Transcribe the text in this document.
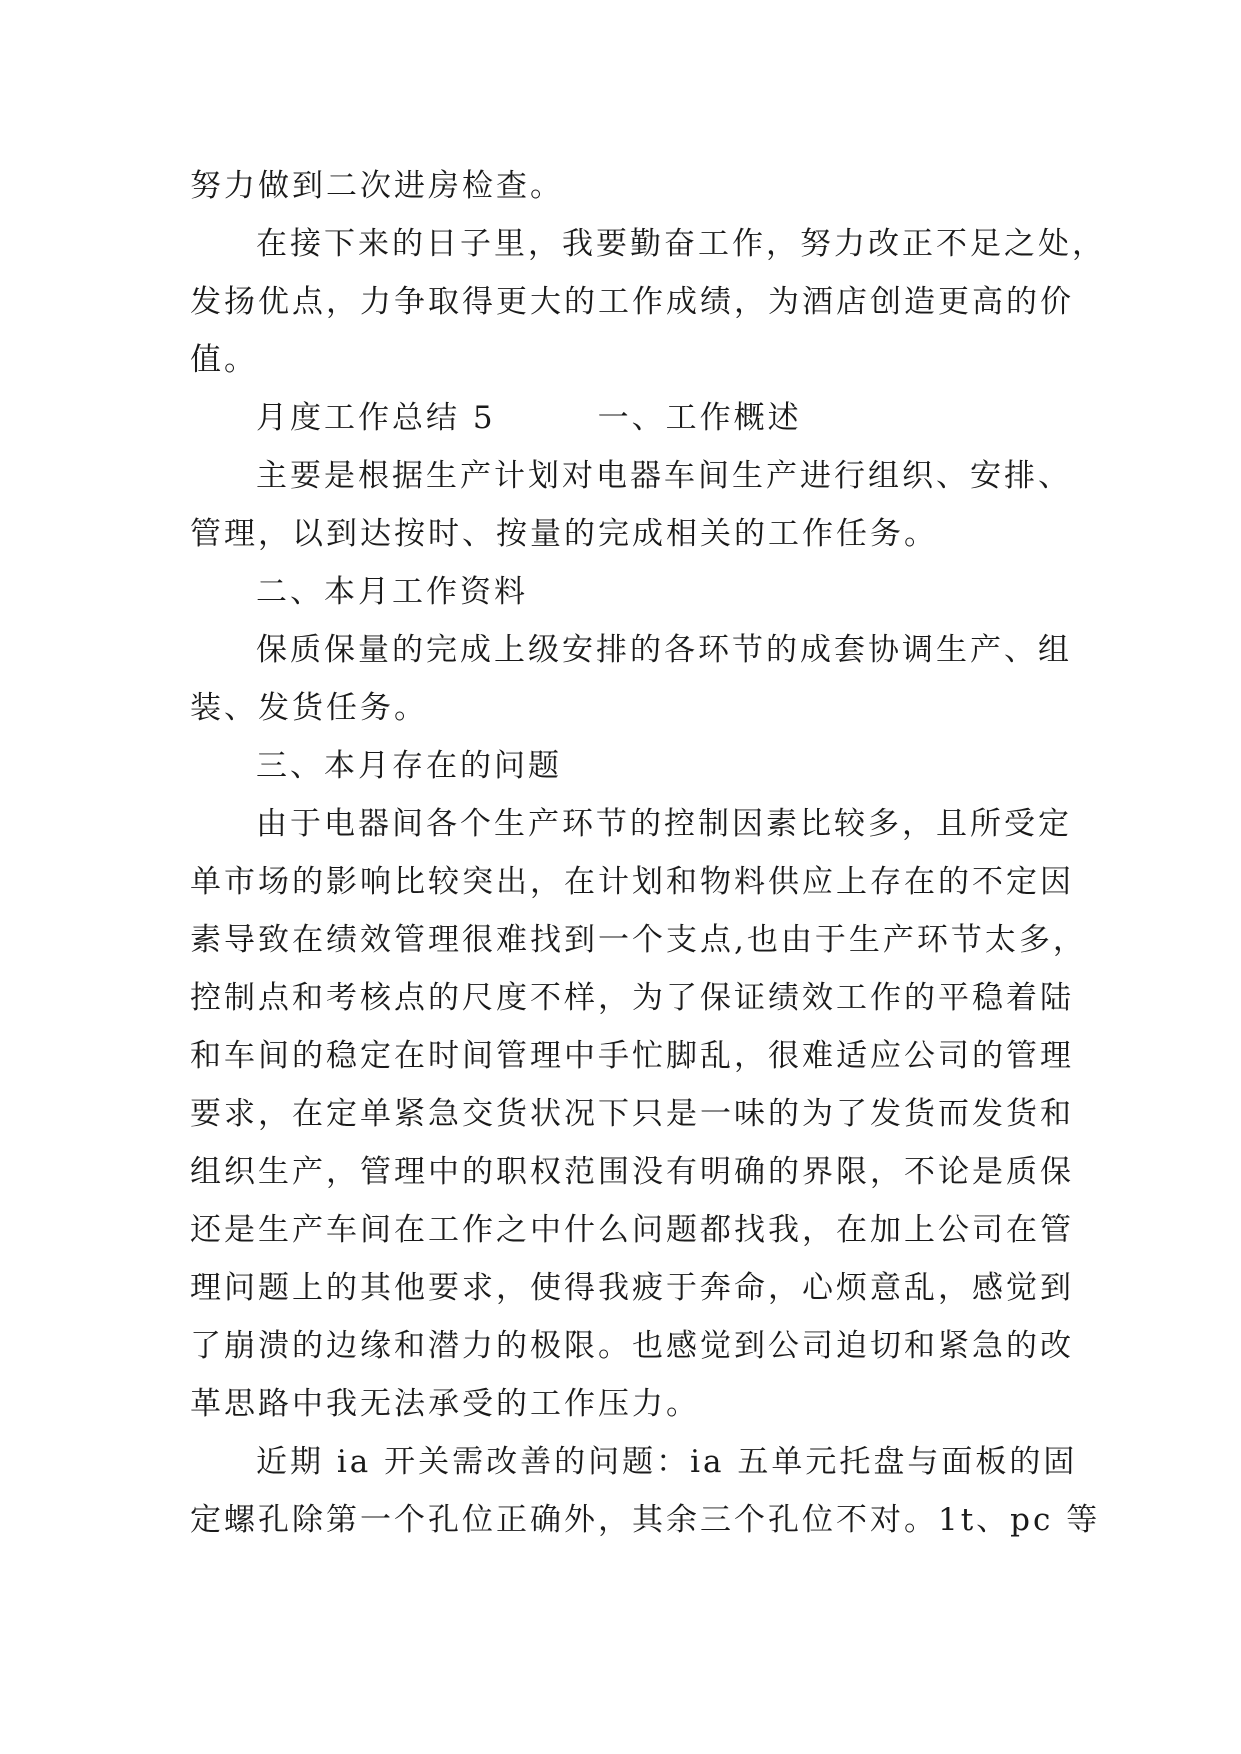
努力做到二次进房检查。
在接下来的日子里，我要勤奋工作，努力改正不足之处，
发扬优点，力争取得更大的工作成绩，为酒店创造更高的价
值。
月度工作总结 5　　　一、工作概述
主要是根据生产计划对电器车间生产进行组织、安排、
管理，以到达按时、按量的完成相关的工作任务。
二、本月工作资料
保质保量的完成上级安排的各环节的成套协调生产、组
装、发货任务。
三、本月存在的问题
由于电器间各个生产环节的控制因素比较多，且所受定
单市场的影响比较突出，在计划和物料供应上存在的不定因
素导致在绩效管理很难找到一个支点,也由于生产环节太多，
控制点和考核点的尺度不样，为了保证绩效工作的平稳着陆
和车间的稳定在时间管理中手忙脚乱，很难适应公司的管理
要求，在定单紧急交货状况下只是一味的为了发货而发货和
组织生产，管理中的职权范围没有明确的界限，不论是质保
还是生产车间在工作之中什么问题都找我，在加上公司在管
理问题上的其他要求，使得我疲于奔命，心烦意乱，感觉到
了崩溃的边缘和潜力的极限。也感觉到公司迫切和紧急的改
革思路中我无法承受的工作压力。
近期 ia 开关需改善的问题：ia 五单元托盘与面板的固
定螺孔除第一个孔位正确外，其余三个孔位不对。1t、pc 等
